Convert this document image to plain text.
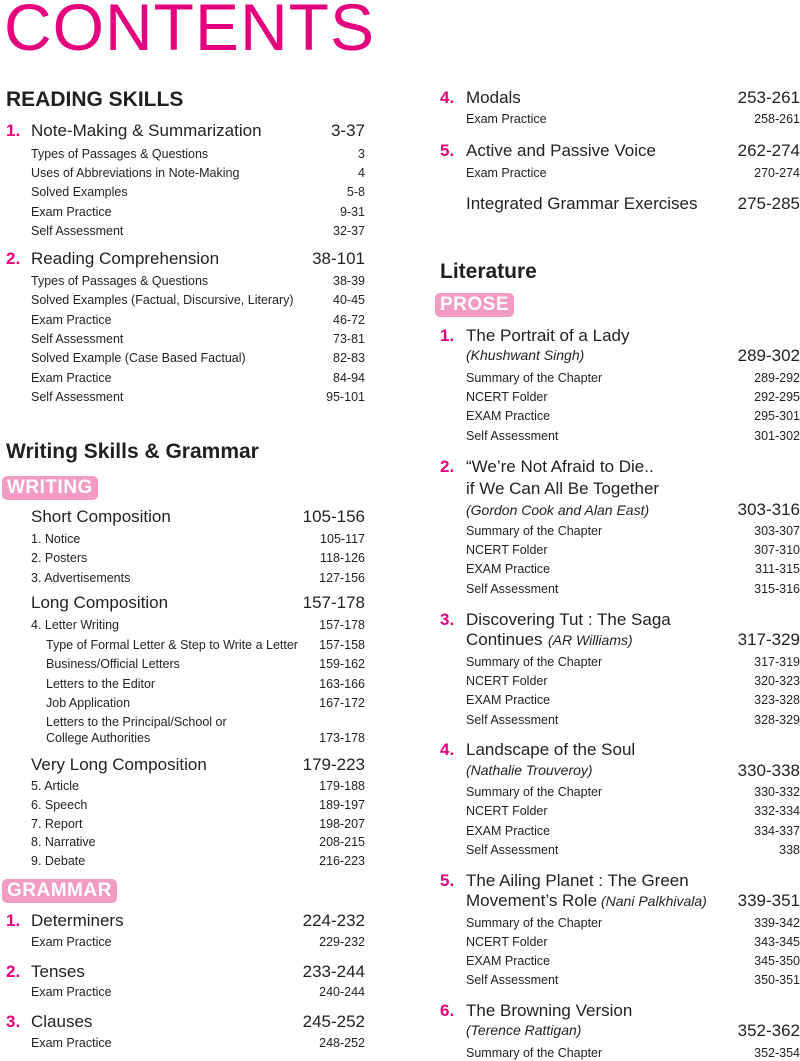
CONTENTS
READING SKILLS
1. Note-Making & Summarization	3-37
Types of Passages & Questions	3
Uses of Abbreviations in Note-Making	4
Solved Examples	5-8
Exam Practice	9-31
Self Assessment	32-37
2. Reading Comprehension	38-101
Types of Passages & Questions	38-39
Solved Examples (Factual, Discursive, Literary)	40-45
Exam Practice	46-72
Self Assessment	73-81
Solved Example (Case Based Factual)	82-83
Exam Practice	84-94
Self Assessment	95-101
Writing Skills & Grammar
WRITING
Short Composition	105-156
1. Notice	105-117
2. Posters	118-126
3. Advertisements	127-156
Long Composition	157-178
4. Letter Writing	157-178
Type of Formal Letter & Step to Write a Letter 157-158
Business/Official Letters	159-162
Letters to the Editor	163-166
Job Application	167-172
Letters to the Principal/School or
College Authorities	173-178
Very Long Composition	179-223
5. Article	179-188
6. Speech	189-197
7. Report	198-207
8. Narrative	208-215
9. Debate	216-223
GRAMMAR
1. Determiners	224-232
Exam Practice	229-232
2. Tenses	233-244
Exam Practice	240-244
3. Clauses	245-252
Exam Practice	248-252
4. Modals	253-261
Exam Practice	258-261
5. Active and Passive Voice	262-274
Exam Practice	270-274
Integrated Grammar Exercises 275-285
Literature
PROSE
1. The Portrait of a Lady
(Khushwant Singh)	289-302
Summary of the Chapter	289-292
NCERT Folder	292-295
EXAM Practice	295-301
Self Assessment	301-302
2. “We’re Not Afraid to Die..
if We Can All Be Together
(Gordon Cook and Alan East)	303-316
Summary of the Chapter	303-307
NCERT Folder	307-310
EXAM Practice	311-315
Self Assessment	315-316
3. Discovering Tut : The Saga
Continues (AR Williams)	317-329
Summary of the Chapter	317-319
NCERT Folder	320-323
EXAM Practice	323-328
Self Assessment	328-329
4. Landscape of the Soul
(Nathalie Trouveroy)	330-338
Summary of the Chapter	330-332
NCERT Folder	332-334
EXAM Practice	334-337
Self Assessment	338
5. The Ailing Planet : The Green
Movement’s Role (Nani Palkhivala) 339-351
Summary of the Chapter	339-342
NCERT Folder	343-345
EXAM Practice	345-350
Self Assessment	350-351
6. The Browning Version
(Terence Rattigan)	352-362
Summary of the Chapter	352-354
